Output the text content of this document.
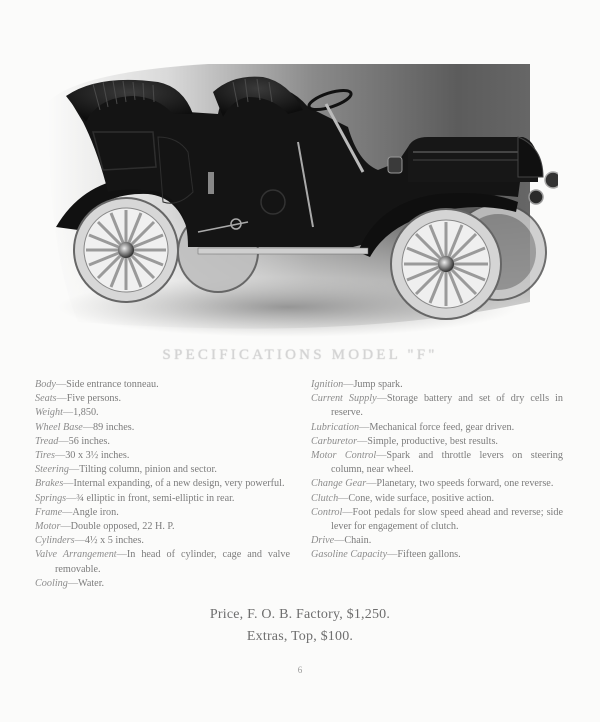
SPECIFICATIONS MODEL "F"

Body—Side entrance tonneau.

Seats—Five persons.

Weight—1,850.

Wheel Base—89 inches.

Tread—56 inches.

Tires—30 x 3½ inches.

Steering—Tilting column, pinion and sector.

Brakes—Internal expanding, of a new design, very powerful.

Springs—¾ elliptic in front, semi-elliptic in rear.

Frame—Angle iron.

Motor—Double opposed, 22 H. P.

Cylinders—4½ x 5 inches.

Valve Arrangement—In head of cylinder, cage and valve removable.

Cooling—Water.

Ignition—Jump spark.

Current Supply—Storage battery and set of dry cells in reserve.

Lubrication—Mechanical force feed, gear driven.

Carburetor—Simple, productive, best results.

Motor Control—Spark and throttle levers on steering column, near wheel.

Change Gear—Planetary, two speeds forward, one reverse.

Clutch—Cone, wide surface, positive action.

Control—Foot pedals for slow speed ahead and reverse; side lever for engagement of clutch.

Drive—Chain.

Gasoline Capacity—Fifteen gallons.

Price, F. O. B. Factory, $1,250.
Extras, Top, $100.
6
